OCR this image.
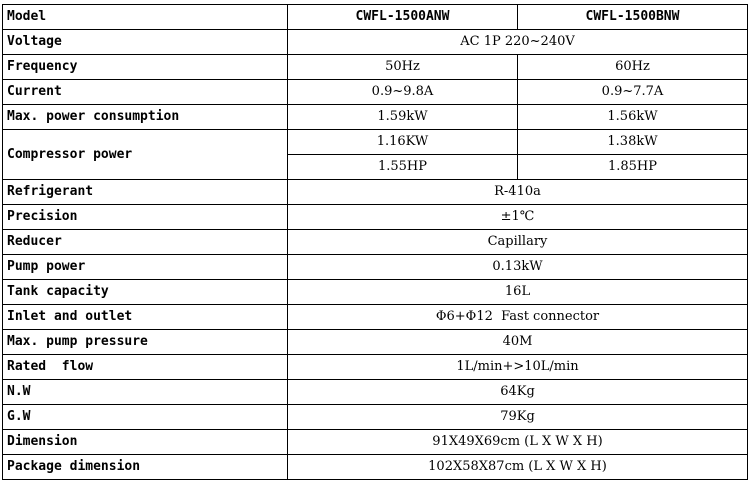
Model	CWFL-1500ANW	CWFL-1500BNW
Voltage	AC 1P 220~240V	
Frequency	50Hz	60Hz
Current	0.9~9.8A	0.9~7.7A
Max. power consumption	1.59kW	1.56kW
Compressor power	1.16KW	1.38kW
	1.55HP	1.85HP
Refrigerant	R-410a	
Precision	±1℃	
Reducer	Capillary	
Pump power	0.13kW	
Tank capacity	16L	
Inlet and outlet	Φ6+Φ12  Fast connector	
Max. pump pressure	40M	
Rated  flow	1L/min+>10L/min	
N.W	64Kg	
G.W	79Kg	
Dimension	91X49X69cm (L X W X H)	
Package dimension	102X58X87cm (L X W X H)	
